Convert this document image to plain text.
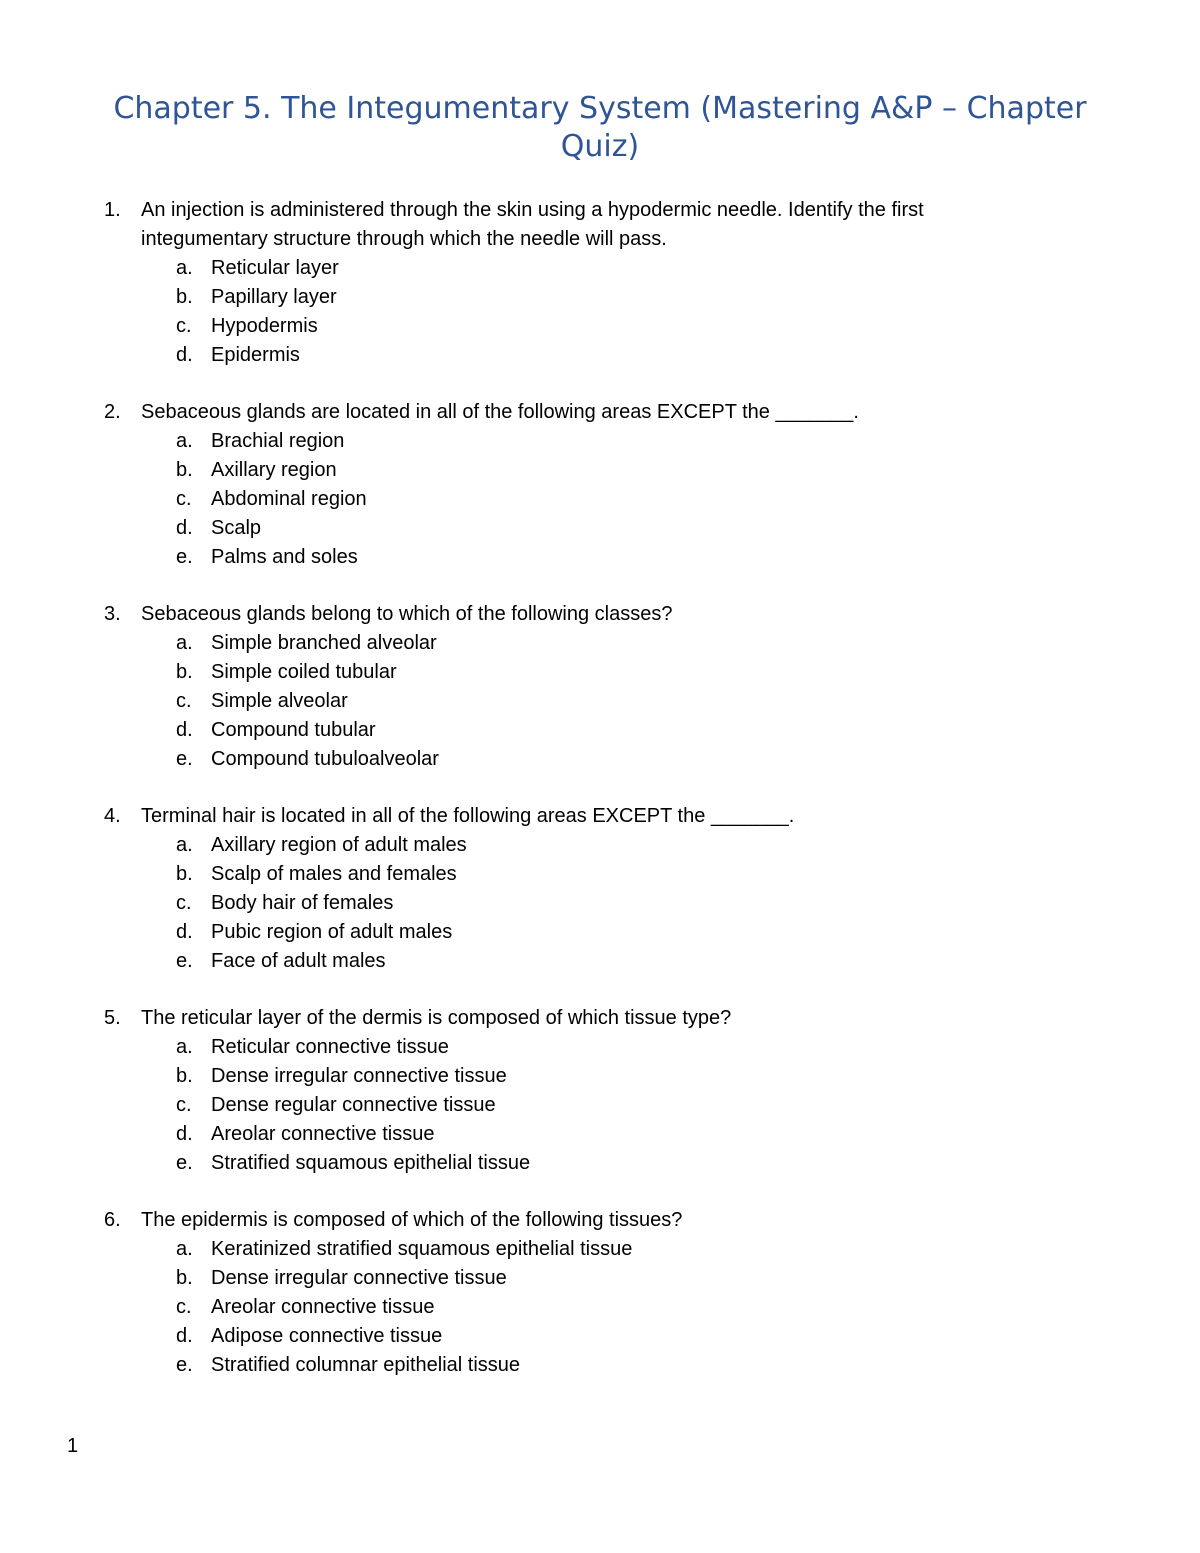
Chapter 5. The Integumentary System (Mastering A&P – Chapter Quiz)
1.	An injection is administered through the skin using a hypodermic needle. Identify the first integumentary structure through which the needle will pass.
a. Reticular layer
b. Papillary layer
c. Hypodermis
d. Epidermis
2.	Sebaceous glands are located in all of the following areas EXCEPT the _______.
a. Brachial region
b. Axillary region
c. Abdominal region
d. Scalp
e. Palms and soles
3.	Sebaceous glands belong to which of the following classes?
a. Simple branched alveolar
b. Simple coiled tubular
c. Simple alveolar
d. Compound tubular
e. Compound tubuloalveolar
4.	Terminal hair is located in all of the following areas EXCEPT the _______.
a. Axillary region of adult males
b. Scalp of males and females
c. Body hair of females
d. Pubic region of adult males
e. Face of adult males
5.	The reticular layer of the dermis is composed of which tissue type?
a. Reticular connective tissue
b. Dense irregular connective tissue
c. Dense regular connective tissue
d. Areolar connective tissue
e. Stratified squamous epithelial tissue
6.	The epidermis is composed of which of the following tissues?
a. Keratinized stratified squamous epithelial tissue
b. Dense irregular connective tissue
c. Areolar connective tissue
d. Adipose connective tissue
e. Stratified columnar epithelial tissue
1
